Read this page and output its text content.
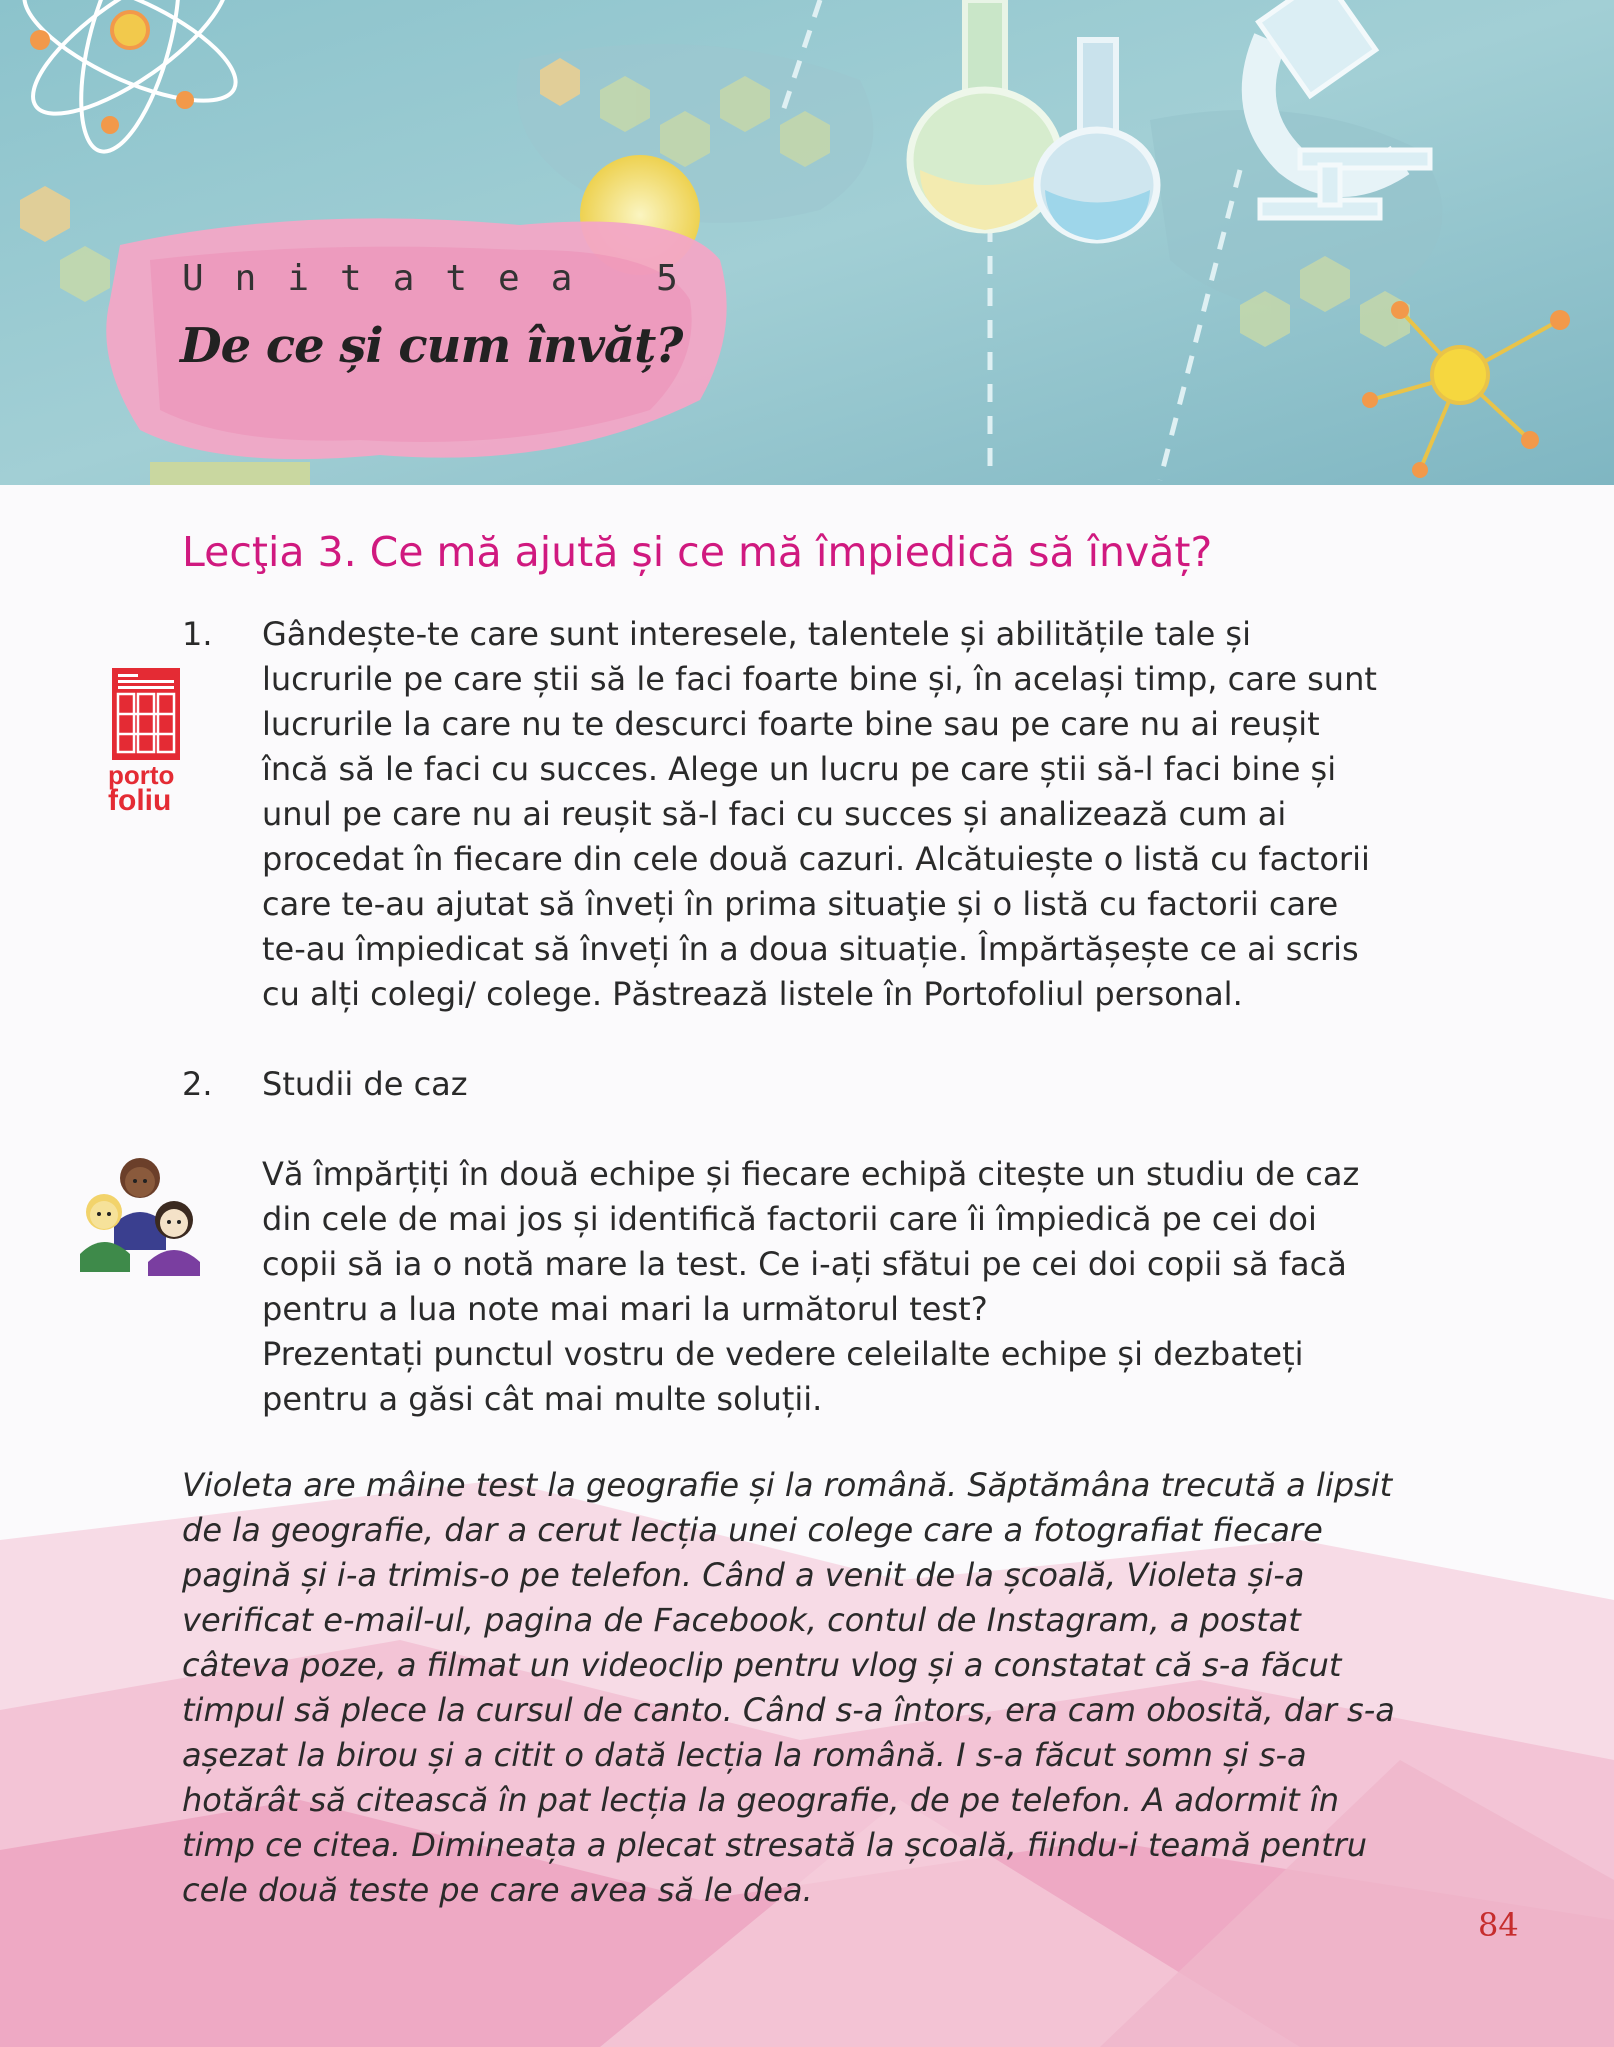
Unitatea 5
De ce și cum învăț?
Lecţia 3. Ce mă ajută și ce mă împiedică să învăț?
porto
foliu
1. Gândește-te care sunt interesele, talentele și abilitățile tale și
lucrurile pe care știi să le faci foarte bine și, în același timp, care sunt
lucrurile la care nu te descurci foarte bine sau pe care nu ai reușit
încă să le faci cu succes. Alege un lucru pe care știi să-l faci bine și
unul pe care nu ai reușit să-l faci cu succes și analizează cum ai
procedat în fiecare din cele două cazuri. Alcătuiește o listă cu factorii
care te-au ajutat să înveți în prima situaţie și o listă cu factorii care
te-au împiedicat să înveți în a doua situație. Împărtășește ce ai scris
cu alți colegi/ colege. Păstrează listele în Portofoliul personal.
2. Studii de caz
Vă împărțiți în două echipe și fiecare echipă citește un studiu de caz
din cele de mai jos și identifică factorii care îi împiedică pe cei doi
copii să ia o notă mare la test. Ce i-ați sfătui pe cei doi copii să facă
pentru a lua note mai mari la următorul test?
Prezentați punctul vostru de vedere celeilalte echipe și dezbateți
pentru a găsi cât mai multe soluții.
Violeta are mâine test la geografie și la română. Săptămâna trecută a lipsit
de la geografie, dar a cerut lecția unei colege care a fotografiat fiecare
pagină și i-a trimis-o pe telefon. Când a venit de la școală, Violeta și-a
verificat e-mail-ul, pagina de Facebook, contul de Instagram, a postat
câteva poze, a filmat un videoclip pentru vlog și a constatat că s-a făcut
timpul să plece la cursul de canto. Când s-a întors, era cam obosită, dar s-a
așezat la birou și a citit o dată lecția la română. I s-a făcut somn și s-a
hotărât să citească în pat lecția la geografie, de pe telefon. A adormit în
timp ce citea. Dimineața a plecat stresată la școală, fiindu-i teamă pentru
cele două teste pe care avea să le dea.
84
